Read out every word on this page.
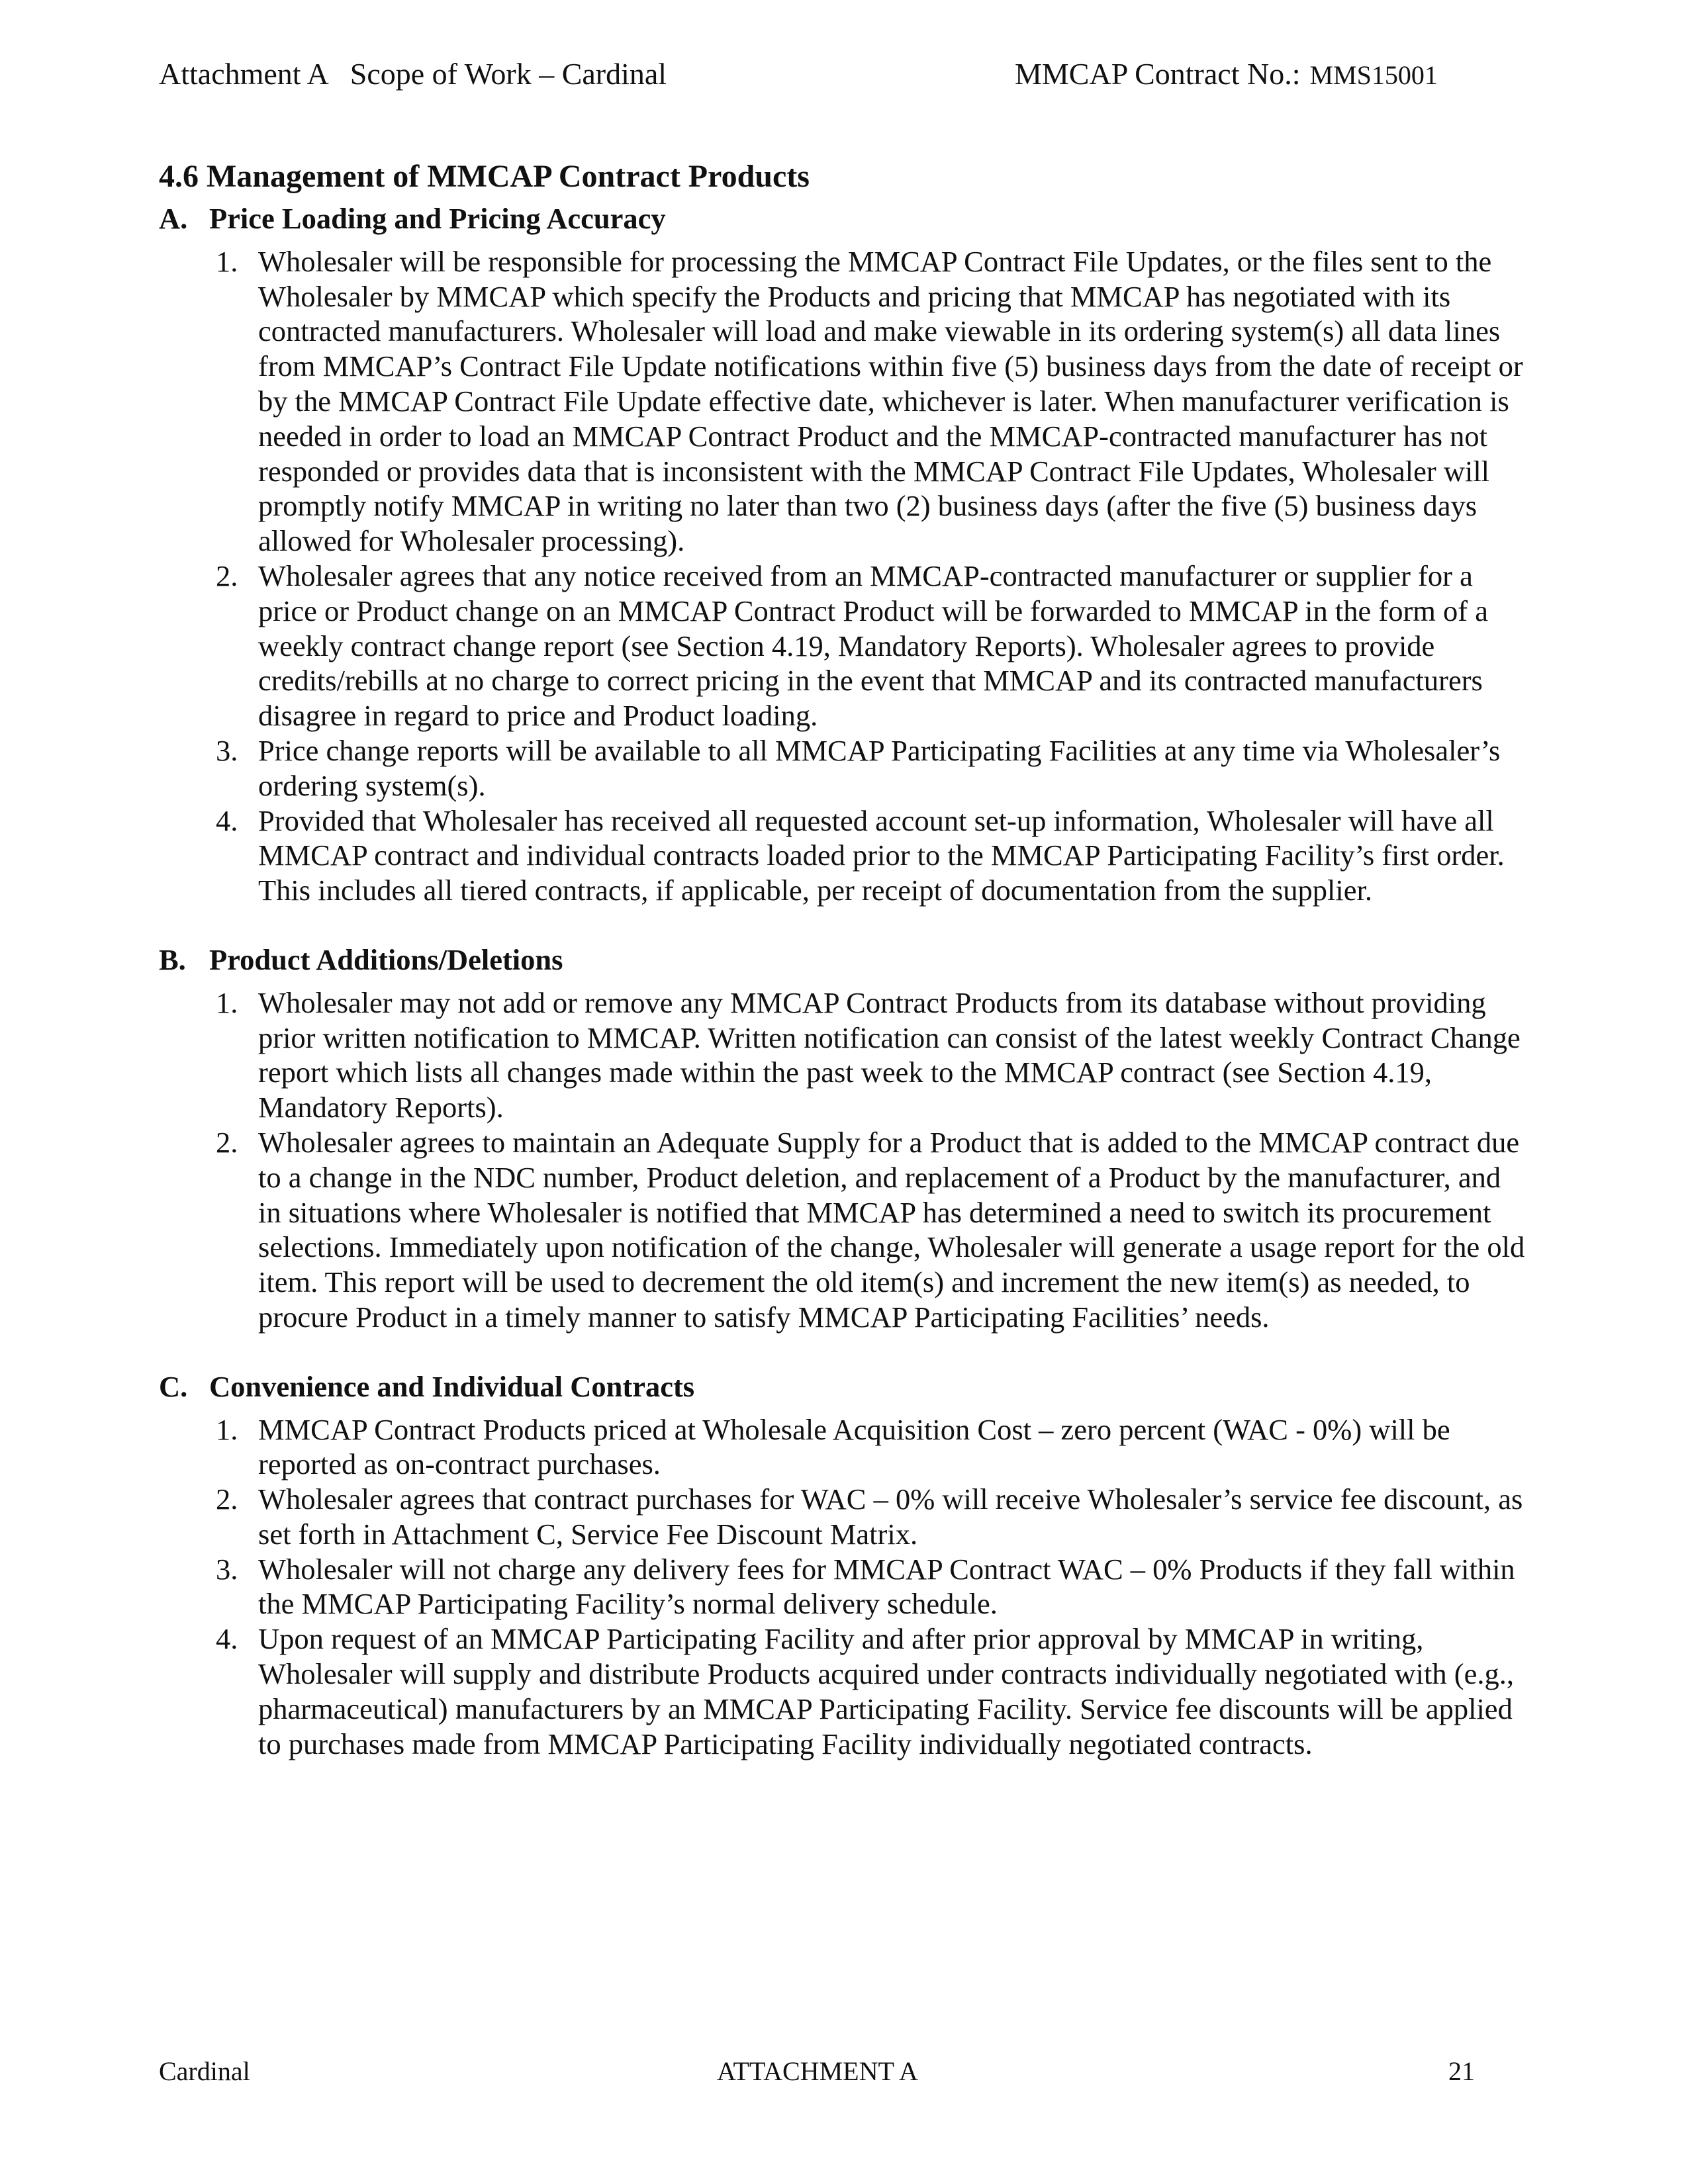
Attachment A   Scope of Work – Cardinal	MMCAP Contract No.: MMS15001
4.6 Management of MMCAP Contract Products
A. Price Loading and Pricing Accuracy
1. Wholesaler will be responsible for processing the MMCAP Contract File Updates, or the files sent to the Wholesaler by MMCAP which specify the Products and pricing that MMCAP has negotiated with its contracted manufacturers. Wholesaler will load and make viewable in its ordering system(s) all data lines from MMCAP’s Contract File Update notifications within five (5) business days from the date of receipt or by the MMCAP Contract File Update effective date, whichever is later. When manufacturer verification is needed in order to load an MMCAP Contract Product and the MMCAP-contracted manufacturer has not responded or provides data that is inconsistent with the MMCAP Contract File Updates, Wholesaler will promptly notify MMCAP in writing no later than two (2) business days (after the five (5) business days allowed for Wholesaler processing).
2. Wholesaler agrees that any notice received from an MMCAP-contracted manufacturer or supplier for a price or Product change on an MMCAP Contract Product will be forwarded to MMCAP in the form of a weekly contract change report (see Section 4.19, Mandatory Reports). Wholesaler agrees to provide credits/rebills at no charge to correct pricing in the event that MMCAP and its contracted manufacturers disagree in regard to price and Product loading.
3. Price change reports will be available to all MMCAP Participating Facilities at any time via Wholesaler’s ordering system(s).
4. Provided that Wholesaler has received all requested account set-up information, Wholesaler will have all MMCAP contract and individual contracts loaded prior to the MMCAP Participating Facility’s first order. This includes all tiered contracts, if applicable, per receipt of documentation from the supplier.
B. Product Additions/Deletions
1. Wholesaler may not add or remove any MMCAP Contract Products from its database without providing prior written notification to MMCAP. Written notification can consist of the latest weekly Contract Change report which lists all changes made within the past week to the MMCAP contract (see Section 4.19, Mandatory Reports).
2. Wholesaler agrees to maintain an Adequate Supply for a Product that is added to the MMCAP contract due to a change in the NDC number, Product deletion, and replacement of a Product by the manufacturer, and in situations where Wholesaler is notified that MMCAP has determined a need to switch its procurement selections. Immediately upon notification of the change, Wholesaler will generate a usage report for the old item. This report will be used to decrement the old item(s) and increment the new item(s) as needed, to procure Product in a timely manner to satisfy MMCAP Participating Facilities’ needs.
C. Convenience and Individual Contracts
1. MMCAP Contract Products priced at Wholesale Acquisition Cost – zero percent (WAC - 0%) will be reported as on-contract purchases.
2. Wholesaler agrees that contract purchases for WAC – 0% will receive Wholesaler’s service fee discount, as set forth in Attachment C, Service Fee Discount Matrix.
3. Wholesaler will not charge any delivery fees for MMCAP Contract WAC – 0% Products if they fall within the MMCAP Participating Facility’s normal delivery schedule.
4. Upon request of an MMCAP Participating Facility and after prior approval by MMCAP in writing, Wholesaler will supply and distribute Products acquired under contracts individually negotiated with (e.g., pharmaceutical) manufacturers by an MMCAP Participating Facility. Service fee discounts will be applied to purchases made from MMCAP Participating Facility individually negotiated contracts.
Cardinal	ATTACHMENT A	21
